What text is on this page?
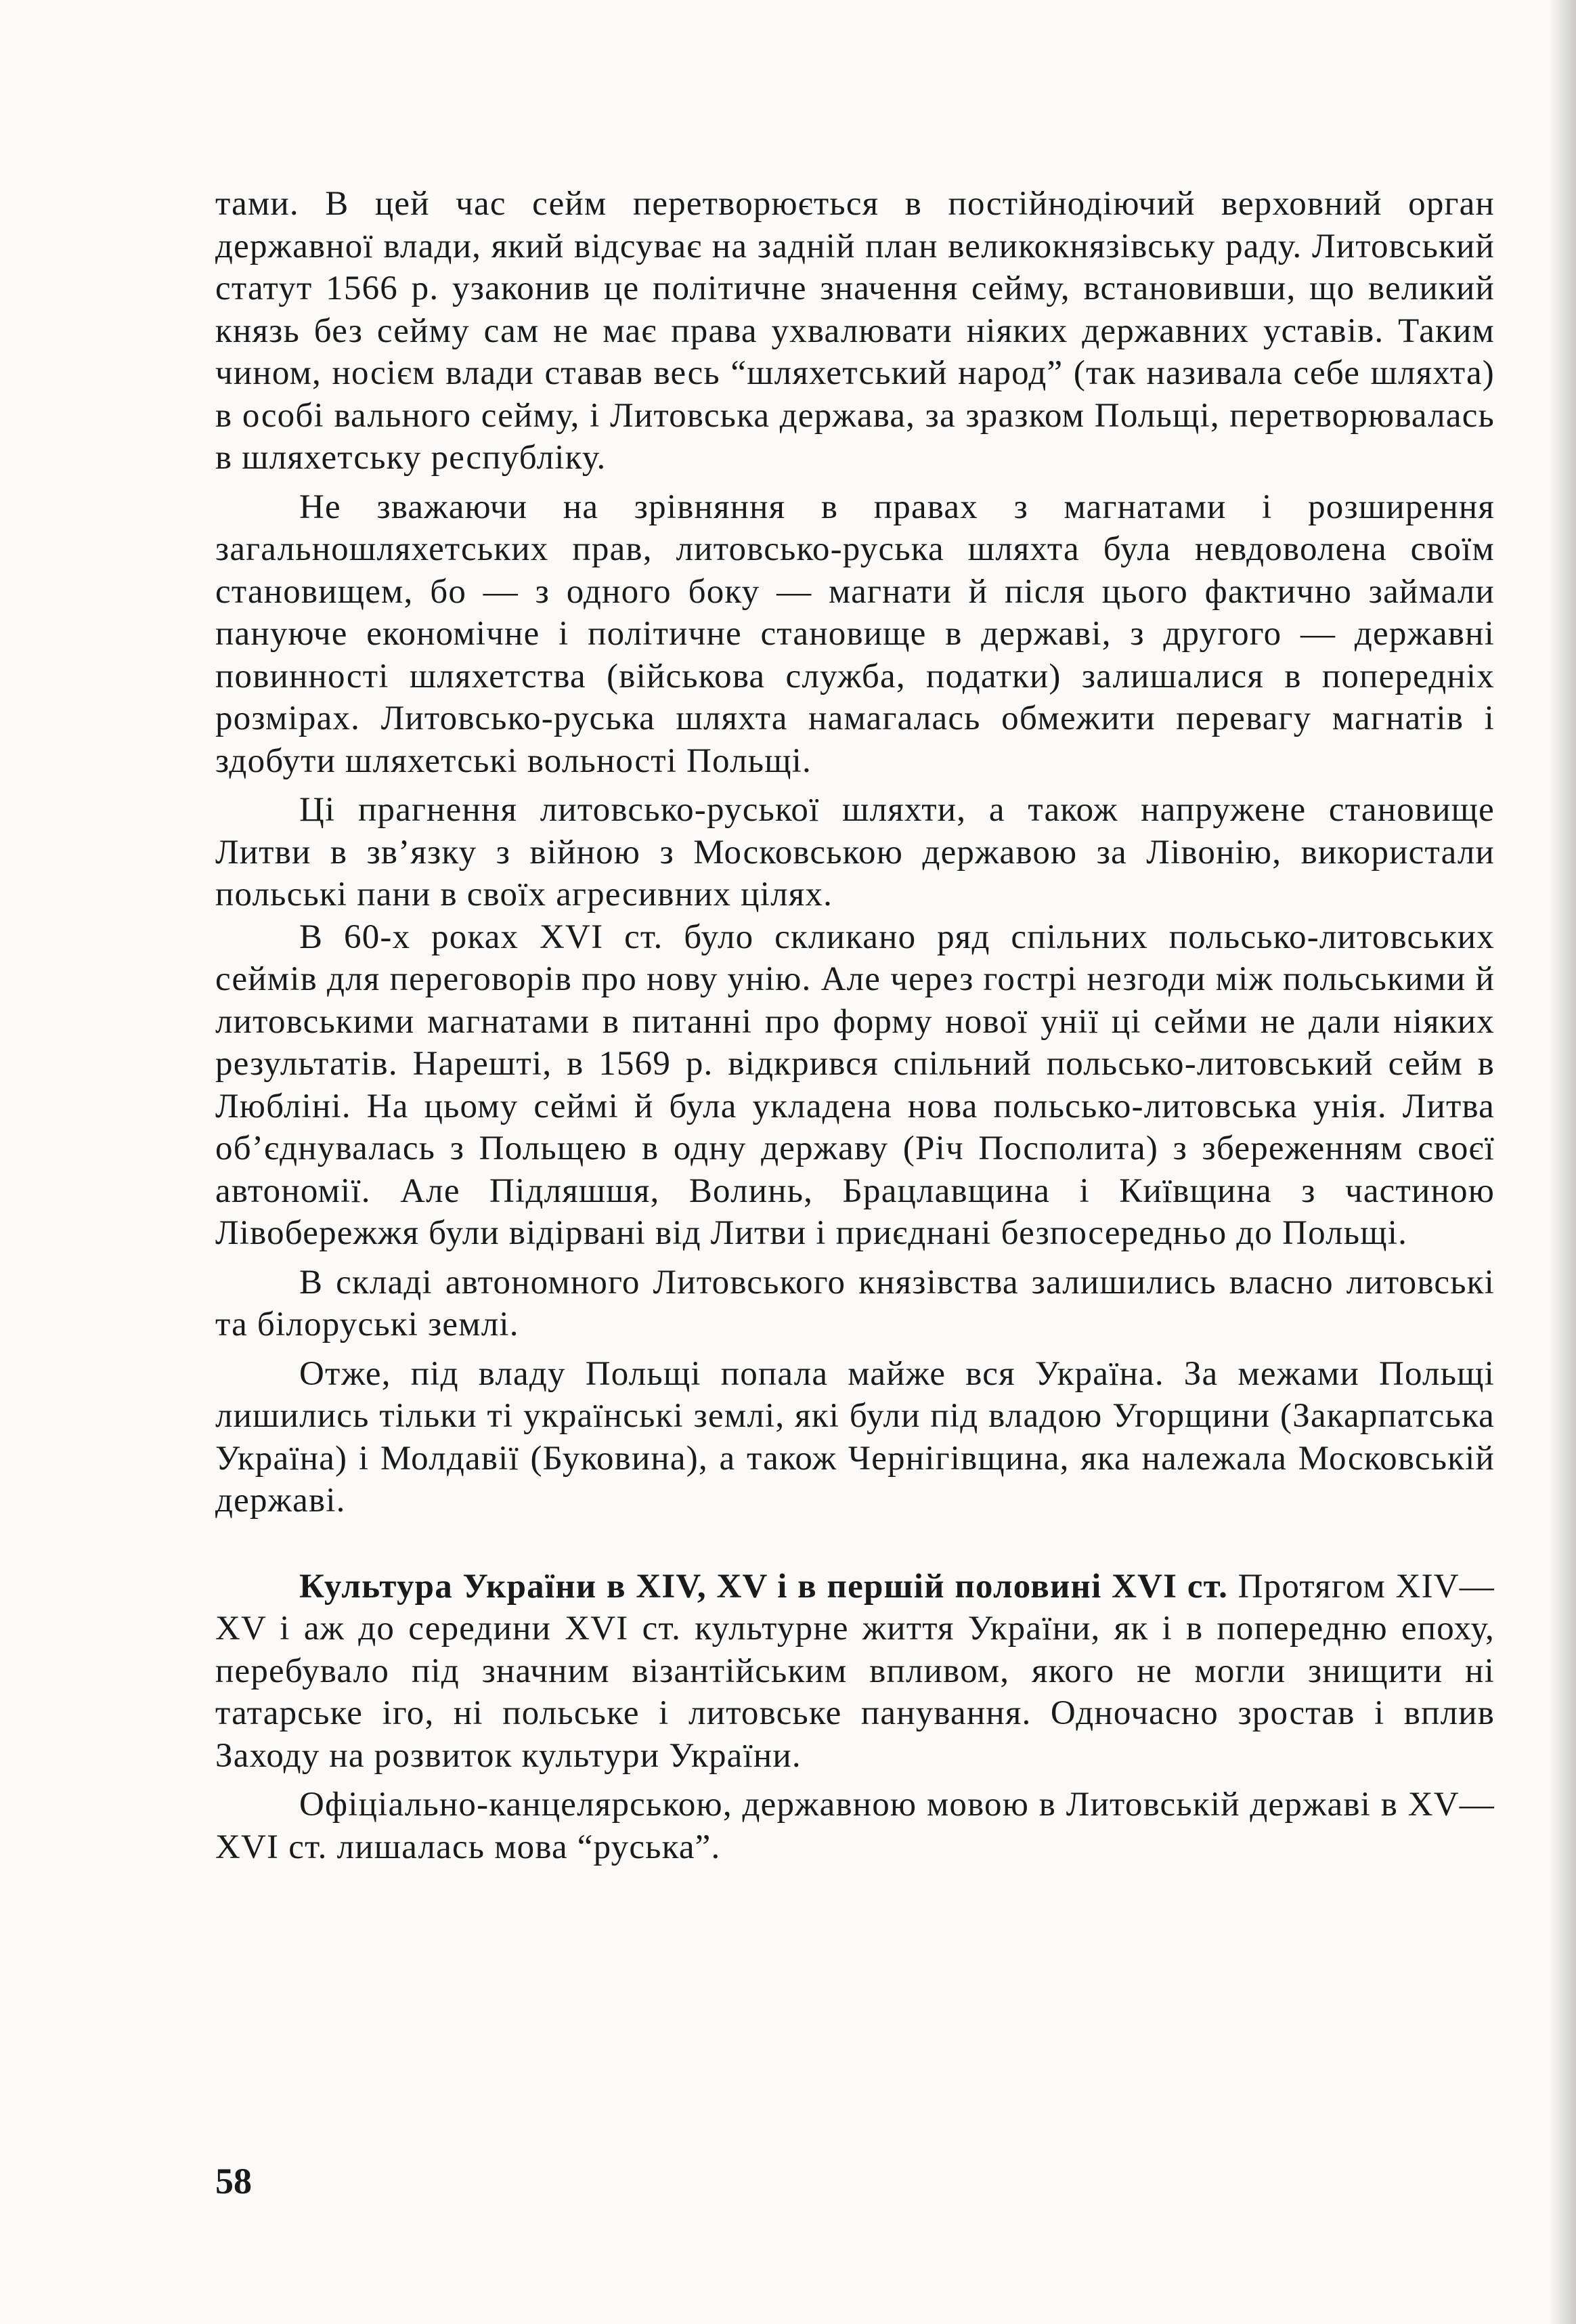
тами. В цей час сейм перетворюється в постійнодіючий верховний орган державної влади, який відсуває на задній план великокнязівську раду. Литовський статут 1566 р. узаконив це політичне значення сейму, встановивши, що великий князь без сейму сам не має права ухвалювати ніяких державних уставів. Таким чином, носієм влади ставав весь “шляхетський народ” (так називала себе шляхта) в особі вального сейму, і Литовська держава, за зразком Польщі, перетворювалась в шляхетську республіку.

Не зважаючи на зрівняння в правах з магнатами і розширення загальношляхетських прав, литовсько-руська шляхта була невдоволена своїм становищем, бо — з одного боку — магнати й після цього фактично займали пануюче економічне і політичне становище в державі, з другого — державні повинності шляхетства (військова служба, податки) залишалися в попередніх розмірах. Литовсько-руська шляхта намагалась обмежити перевагу магнатів і здобути шляхетські вольності Польщі.

Ці прагнення литовсько-руської шляхти, а також напружене становище Литви в зв’язку з війною з Московською державою за Лівонію, використали польські пани в своїх агресивних цілях.

В 60-х роках XVI ст. було скликано ряд спільних польсько-литовських сеймів для переговорів про нову унію. Але через гострі незгоди між польськими й литовськими магнатами в питанні про форму нової унії ці сейми не дали ніяких результатів. Нарешті, в 1569 р. відкрився спільний польсько-литовський сейм в Любліні. На цьому сеймі й була укладена нова польсько-литовська унія. Литва об’єднувалась з Польщею в одну державу (Річ Посполита) з збереженням своєї автономії. Але Підляшшя, Волинь, Брацлавщина і Київщина з частиною Лівобережжя були відірвані від Литви і приєднані безпосередньо до Польщі.

В складі автономного Литовського князівства залишились власно литовські та білоруські землі.

Отже, під владу Польщі попала майже вся Україна. За межами Польщі лишились тільки ті українські землі, які були під владою Угорщини (Закарпатська Україна) і Молдавії (Буковина), а також Чернігівщина, яка належала Московській державі.

Культура України в XIV, XV і в першій половині XVI ст. Протягом XIV—XV і аж до середини XVI ст. культурне життя України, як і в попередню епоху, перебувало під значним візантійським впливом, якого не могли знищити ні татарське іго, ні польське і литовське панування. Одночасно зростав і вплив Заходу на розвиток культури України.

Офіціально-канцелярською, державною мовою в Литовській державі в XV—XVI ст. лишалась мова “руська”.

58
